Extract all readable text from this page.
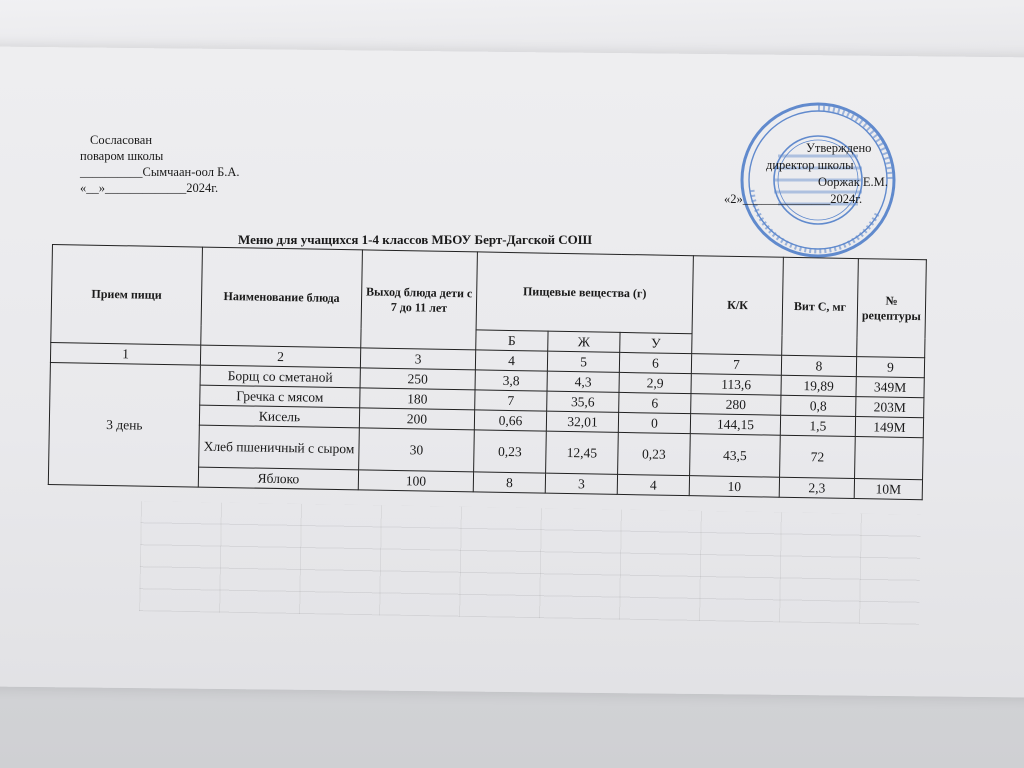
Сосласован
поваром школы
__________Сымчаан-оол Б.А.
«__»_____________2024г.
Утверждено
директор школы
Ооржак Е.М.
«2»______________2024г.
Меню для учащихся 1-4 классов МБОУ Берт-Дагской СОШ
Прием пищи	Наименование блюда	Выход блюда дети с 7 до 11 лет	Пищевые вещества (г)			К/К	Вит С, мг	№ рецептуры
			Б	Ж	У			
1	2	3	4	5	6	7	8	9
3 день	Борщ со сметаной	250	3,8	4,3	2,9	113,6	19,89	349М
	Гречка с мясом	180	7	35,6	6	280	0,8	203М
	Кисель	200	0,66	32,01	0	144,15	1,5	149М
	Хлеб пшеничный с сыром	30	0,23	12,45	0,23	43,5	72	
	Яблоко	100	8	3	4	10	2,3	10М
